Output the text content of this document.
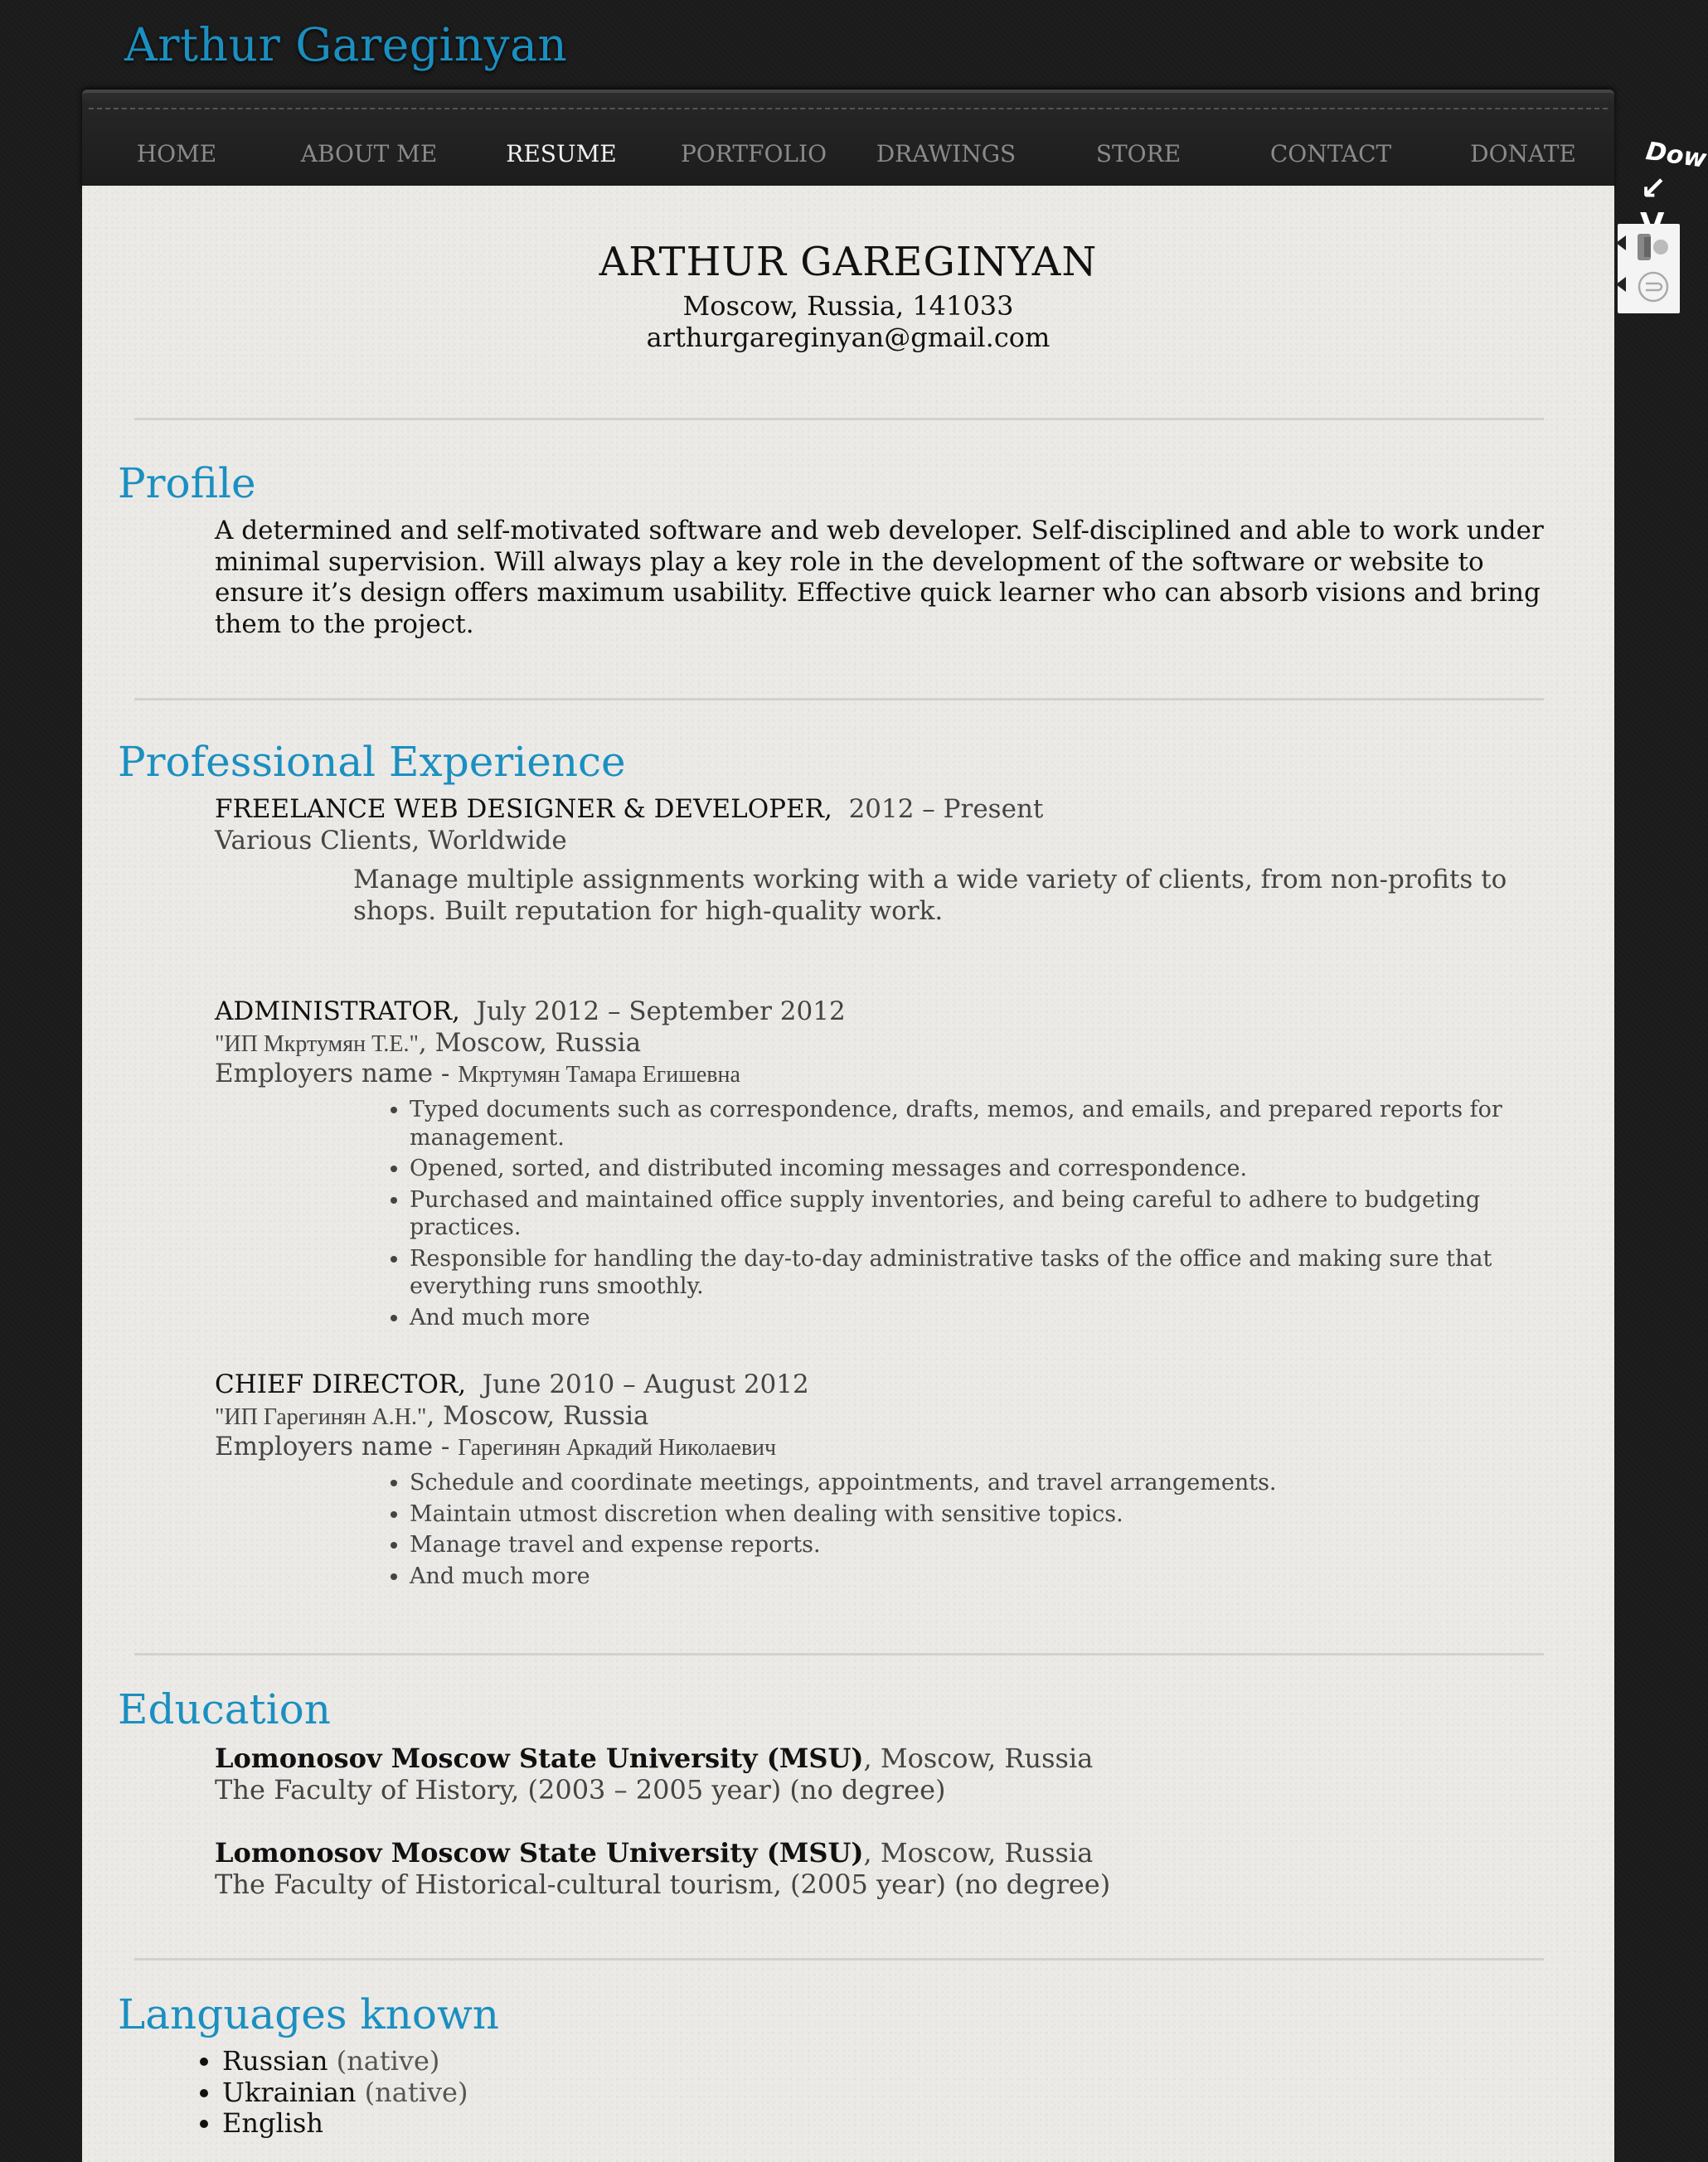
Arthur Gareginyan
HOME	ABOUT ME	RESUME	PORTFOLIO	DRAWINGS	STORE	CONTACT	DONATE	Dow
↙
ARTHUR GAREGINYAN
Moscow, Russia, 141033
arthurgareginyan@gmail.com
Profile

A determined and self-motivated software and web developer. Self-disciplined and able to work under minimal supervision. Will always play a key role in the development of the software or website to ensure it’s design offers maximum usability. Effective quick learner who can absorb visions and bring them to the project.

Professional Experience
FREELANCE WEB DESIGNER & DEVELOPER,  2012 – Present
Various Clients, Worldwide

Manage multiple assignments working with a wide variety of clients, from non-profits to shops. Built reputation for high-quality work.

ADMINISTRATOR,  July 2012 – September 2012
"ИП Мкртумян Т.Е.", Moscow, Russia
Employers name - Мкртумян Тамара Егишевна
• Typed documents such as correspondence, drafts, memos, and emails, and prepared reports for management.
• Opened, sorted, and distributed incoming messages and correspondence.
• Purchased and maintained office supply inventories, and being careful to adhere to budgeting practices.
• Responsible for handling the day-to-day administrative tasks of the office and making sure that everything runs smoothly.
• And much more
CHIEF DIRECTOR,  June 2010 – August 2012
"ИП Гарегинян А.Н.", Moscow, Russia
Employers name - Гарегинян Аркадий Николаевич
• Schedule and coordinate meetings, appointments, and travel arrangements.
• Maintain utmost discretion when dealing with sensitive topics.
• Manage travel and expense reports.
• And much more
Education
Lomonosov Moscow State University (MSU), Moscow, Russia
The Faculty of History, (2003 – 2005 year) (no degree)
Lomonosov Moscow State University (MSU), Moscow, Russia
The Faculty of Historical-cultural tourism, (2005 year) (no degree)
Languages known
• Russian (native)
• Ukrainian (native)
• English
